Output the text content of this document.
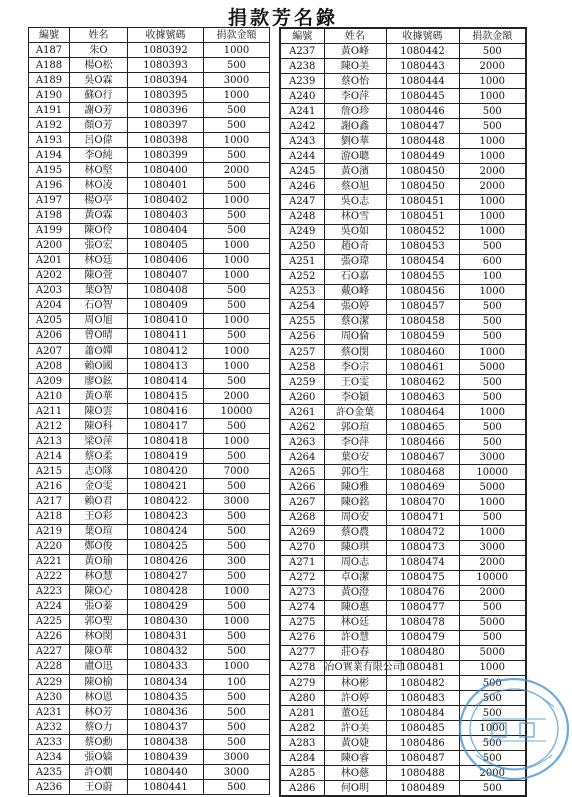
捐款芳名錄
編號	姓名	收據號碼	捐款金額
A187	朱O	1080392	1000
A188	楊O松	1080393	500
A189	吳O霖	1080394	3000
A190	蘇O行	1080395	1000
A191	謝O芳	1080396	500
A192	顏O芳	1080397	500
A193	呂O偉	1080398	1000
A194	李O純	1080399	500
A195	林O堅	1080400	2000
A196	林O凌	1080401	500
A197	楊O亭	1080402	1000
A198	黃O霖	1080403	500
A199	陳O伶	1080404	500
A200	張O宏	1080405	1000
A201	林O廷	1080406	1000
A202	陳O萱	1080407	1000
A203	葉O智	1080408	500
A204	石O智	1080409	500
A205	周O旭	1080410	1000
A206	曾O晴	1080411	500
A207	蕭O嬋	1080412	1000
A208	賴O國	1080413	1000
A209	廖O鉉	1080414	500
A210	黃O華	1080415	2000
A211	陳O雲	1080416	10000
A212	陳O科	1080417	500
A213	梁O萍	1080418	1000
A214	蔡O柔	1080419	500
A215	志O隊	1080420	7000
A216	金O雯	1080421	500
A217	賴O君	1080422	3000
A218	王O彩	1080423	500
A219	葉O瑄	1080424	500
A220	鄭O俊	1080425	500
A221	黃O瑜	1080426	300
A222	林O慧	1080427	500
A223	陳O心	1080428	1000
A224	張O蓁	1080429	500
A225	郭O聖	1080430	1000
A226	林O閔	1080431	500
A227	陳O華	1080432	500
A228	盧O迅	1080433	1000
A229	陳O榆	1080434	100
A230	林O恩	1080435	500
A231	林O芳	1080436	500
A232	蔡O力	1080437	500
A233	蔡O勳	1080438	500
A234	張O嫱	1080439	3000
A235	許O嫺	1080440	3000
A236	王O蔚	1080441	500
編號	姓名	收據號碼	捐款金額
A237	黃O峰	1080442	500
A238	陳O美	1080443	2000
A239	蔡O怡	1080444	1000
A240	李O萍	1080445	1000
A241	詹O珍	1080446	500
A242	謝O鑫	1080447	500
A243	劉O華	1080448	1000
A244	游O聰	1080449	1000
A245	黃O濱	1080450	2000
A246	蔡O旭	1080450	2000
A247	吳O志	1080451	1000
A248	林O雪	1080451	1000
A249	吳O如	1080452	1000
A250	趙O奇	1080453	500
A251	張O瑋	1080454	600
A252	石O嘉	1080455	100
A253	戴O峰	1080456	1000
A254	張O婷	1080457	500
A255	蔡O潔	1080458	500
A256	周O倫	1080459	500
A257	蔡O閔	1080460	1000
A258	李O宗	1080461	5000
A259	王O雯	1080462	500
A260	李O穎	1080463	500
A261	許O金葉	1080464	1000
A262	郭O瑄	1080465	500
A263	李O萍	1080466	500
A264	葉O安	1080467	3000
A265	郭O生	1080468	10000
A266	陳O雅	1080469	5000
A267	陳O銘	1080470	1000
A268	周O安	1080471	500
A269	蔡O農	1080472	1000
A270	陳O琪	1080473	3000
A271	周O志	1080474	2000
A272	卓O潔	1080475	10000
A273	黃O澄	1080476	2000
A274	陳O惠	1080477	500
A275	林O廷	1080478	5000
A276	許O慧	1080479	500
A277	莊O春	1080480	5000
A278	冶O實業有限公司	1080481	1000
A279	林O彬	1080482	500
A280	許O婷	1080483	500
A281	董O廷	1080484	500
A282	許O美	1080485	1000
A283	黃O婕	1080486	500
A284	陳O睿	1080487	500
A285	林O慈	1080488	2000
A286	何O明	1080489	500
